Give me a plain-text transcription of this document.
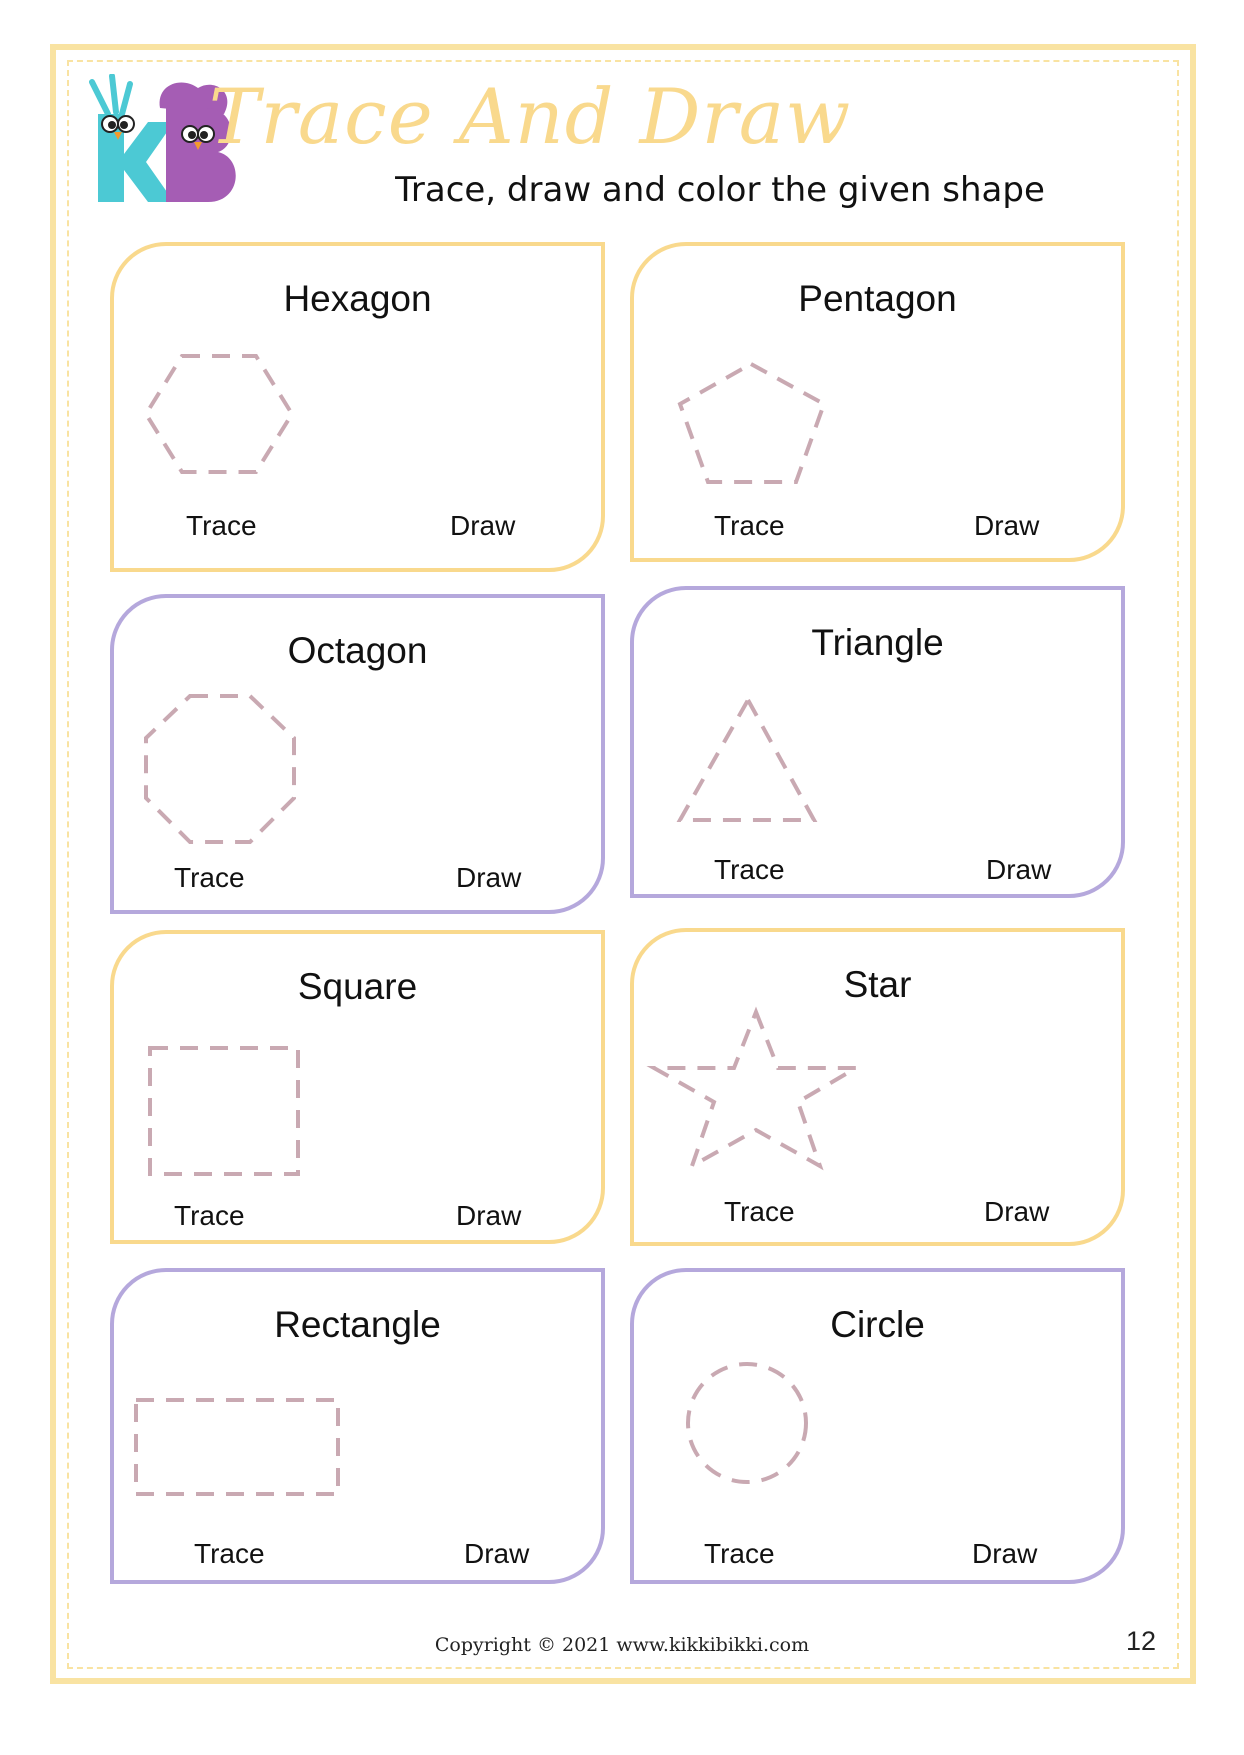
Trace And Draw
Trace, draw and color the given shape
Hexagon
Trace	Draw
Pentagon
Trace	Draw
Octagon
Trace	Draw
Triangle
Trace	Draw
Square
Trace	Draw
Star
Trace	Draw
Rectangle
Trace	Draw
Circle
Trace	Draw
Copyright © 2021 www.kikkibikki.com	12
